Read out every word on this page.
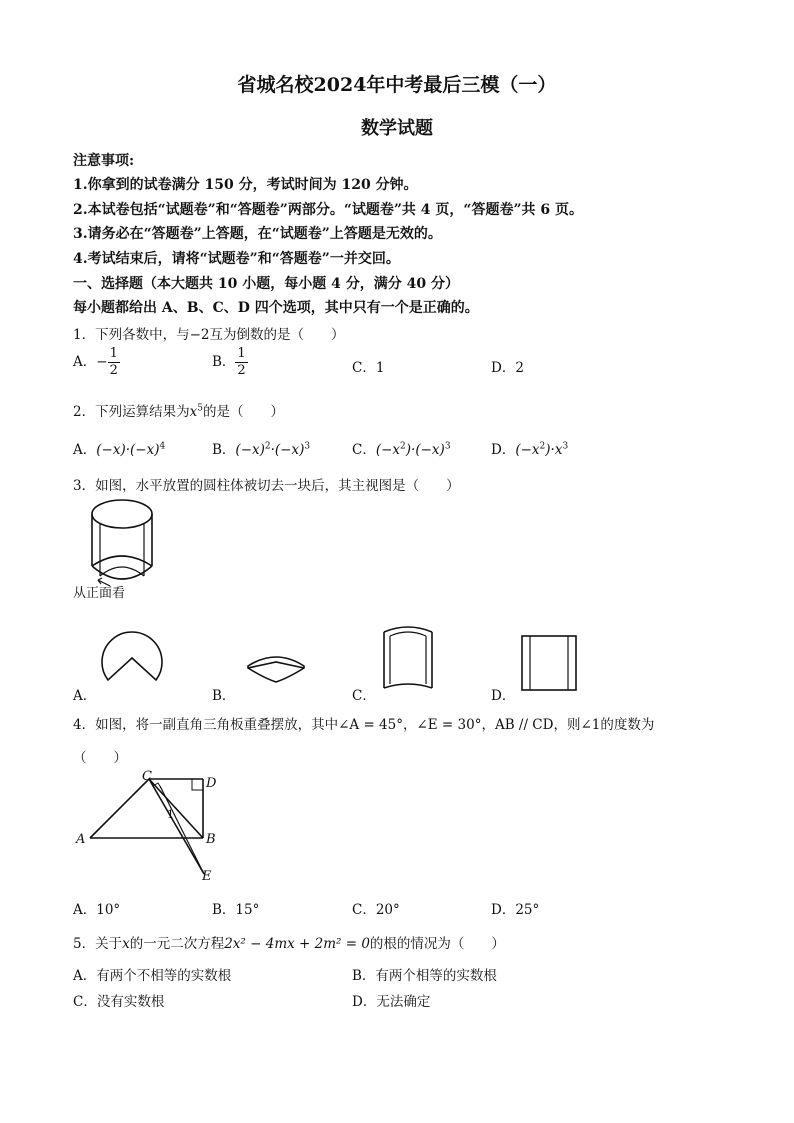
省城名校2024年中考最后三模（一）
数学试题
注意事项:
1.你拿到的试卷满分 150 分，考试时间为 120 分钟。
2.本试卷包括“试题卷”和“答题卷”两部分。“试题卷”共 4 页，“答题卷”共 6 页。
3.请务必在“答题卷”上答题，在“试题卷”上答题是无效的。
4.考试结束后，请将“试题卷”和“答题卷”一并交回。
一、选择题（本大题共 10 小题，每小题 4 分，满分 40 分）
每小题都给出 A、B、C、D 四个选项，其中只有一个是正确的。
1．下列各数中，与−2互为倒数的是（　　）
A．− $\frac{1}{2}$	B． $\frac{1}{2}$	C．1	D．2
2．下列运算结果为$x^5$的是（　　）
A．$(-x)\cdot(-x)^4$	B．$(-x)^2\cdot(-x)^3$	C．$(-x^2)\cdot(-x)^3$	D．$(-x^2)\cdot x^3$
3．如图，水平放置的圆柱体被切去一块后，其主视图是（　　）
从正面看
A．	B．	C．	D．
4．如图，将一副直角三角板重叠摆放，其中∠A = 45°，∠E = 30°，AB // CD，则∠1的度数为
（　　）
C	D
A	B
E
1
A．10°	B．15°	C．20°	D．25°
5．关于x的一元二次方程2x² − 4mx + 2m² = 0的根的情况为（　　）
A．有两个不相等的实数根	B．有两个相等的实数根
C．没有实数根	D．无法确定
